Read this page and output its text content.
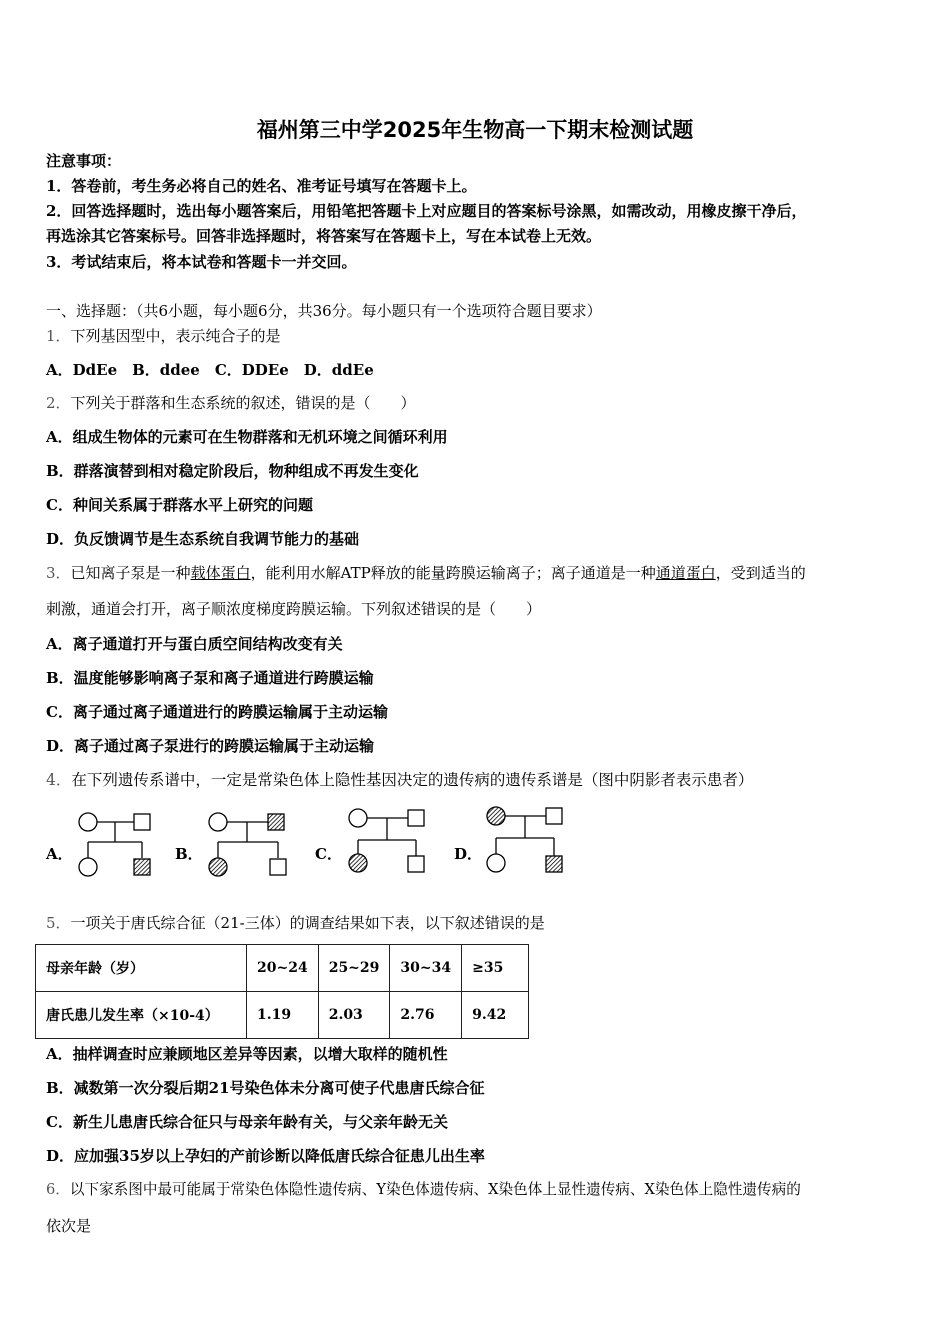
福州第三中学2025年生物高一下期末检测试题
注意事项：
1．答卷前，考生务必将自己的姓名、准考证号填写在答题卡上。
2．回答选择题时，选出每小题答案后，用铅笔把答题卡上对应题目的答案标号涂黑，如需改动，用橡皮擦干净后，
再选涂其它答案标号。回答非选择题时，将答案写在答题卡上，写在本试卷上无效。
3．考试结束后，将本试卷和答题卡一并交回。
一、选择题：（共6小题，每小题6分，共36分。每小题只有一个选项符合题目要求）
1．下列基因型中，表示纯合子的是
A．DdEe　B．ddee　C．DDEe　D．ddEe
2．下列关于群落和生态系统的叙述，错误的是（　　）
A．组成生物体的元素可在生物群落和无机环境之间循环利用
B．群落演替到相对稳定阶段后，物种组成不再发生变化
C．种间关系属于群落水平上研究的问题
D．负反馈调节是生态系统自我调节能力的基础
3．已知离子泵是一种载体蛋白，能利用水解ATP释放的能量跨膜运输离子；离子通道是一种通道蛋白，受到适当的
刺激，通道会打开，离子顺浓度梯度跨膜运输。下列叙述错误的是（　　）
A．离子通道打开与蛋白质空间结构改变有关
B．温度能够影响离子泵和离子通道进行跨膜运输
C．离子通过离子通道进行的跨膜运输属于主动运输
D．离子通过离子泵进行的跨膜运输属于主动运输
4．在下列遗传系谱中，一定是常染色体上隐性基因决定的遗传病的遗传系谱是（图中阴影者表示患者）
A．	B．	C．	D．
5．一项关于唐氏综合征（21-三体）的调查结果如下表，以下叙述错误的是
母亲年龄（岁）	20~24	25~29	30~34	≥35
唐氏患儿发生率（×10-4）	1.19	2.03	2.76	9.42
A．抽样调查时应兼顾地区差异等因素，以增大取样的随机性
B．减数第一次分裂后期21号染色体未分离可使子代患唐氏综合征
C．新生儿患唐氏综合征只与母亲年龄有关，与父亲年龄无关
D．应加强35岁以上孕妇的产前诊断以降低唐氏综合征患儿出生率
6．以下家系图中最可能属于常染色体隐性遗传病、Y染色体遗传病、X染色体上显性遗传病、X染色体上隐性遗传病的
依次是
